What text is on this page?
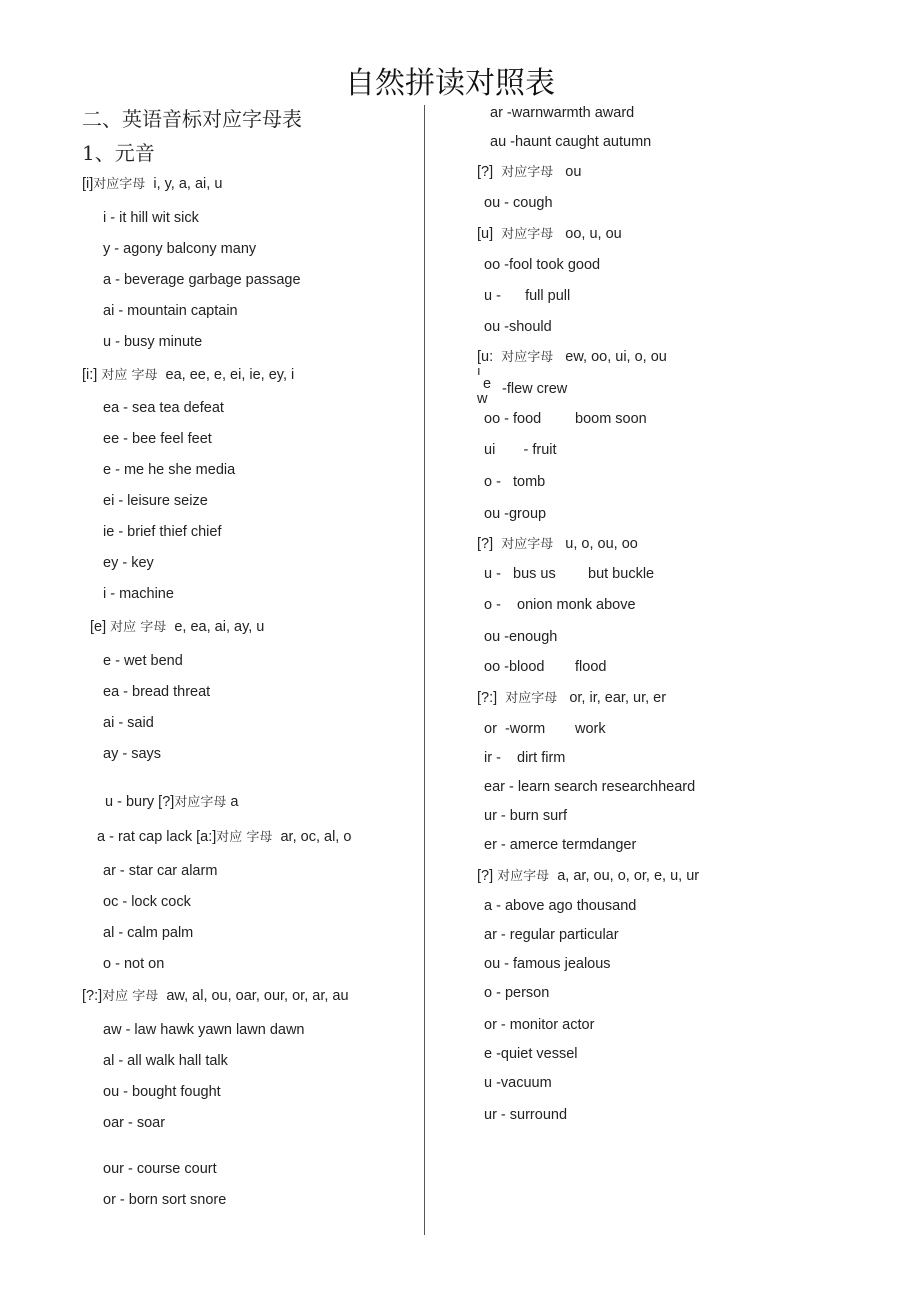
自然拼读对照表
二、英语音标对应字母表
1、元音
[i]对应字母 i, y, a, ai, u
i - it hill wit sick
y - agony balcony many
a - beverage garbage passage
ai - mountain captain
u - busy minute
[i:] 对应 字母 ea, ee, e, ei, ie, ey, i
ea - sea tea defeat
ee - bee feel feet
e - me he she media
ei - leisure seize
ie - brief thief chief
ey - key
i - machine
[e] 对应 字母 e, ea, ai, ay, u
e - wet bend
ea - bread threat
ai - said
ay - says
u - bury [?]对应字母 a
a - rat cap lack [a:]对应 字母 ar, oc, al, o
ar - star car alarm
oc - lock cock
al - calm palm
o - not on
[?:]对应 字母 aw, al, ou, oar, our, or, ar, au
aw - law hawk yawn lawn dawn
al - all walk hall talk
ou - bought fought
oar - soar
our - course court
or - born sort snore
ar -warnwarmth award
au -haunt caught autumn
[?] 对应字母 ou
ou - cough
[u] 对应字母 oo, u, ou
oo -fool took good
u -      full pull
ou -should
[u: 对应字母 ew, oo, ui, o, ou
ı
e
w
-flew crew
oo - food boom soon
ui       - fruit
o -   tomb
ou -group
[?] 对应字母 u, o, ou, oo
u -   bus us but buckle
o -    onion monk above
ou -enough
oo -blood flood
[?:] 对应字母 or, ir, ear, ur, er
or  -worm work
ir -    dirt firm
ear - learn search researchheard
ur - burn surf
er - amerce termdanger
[?] 对应字母 a, ar, ou, o, or, e, u, ur
a - above ago thousand
ar - regular particular
ou - famous jealous
o - person
or - monitor actor
e -quiet vessel
u -vacuum
ur - surround
